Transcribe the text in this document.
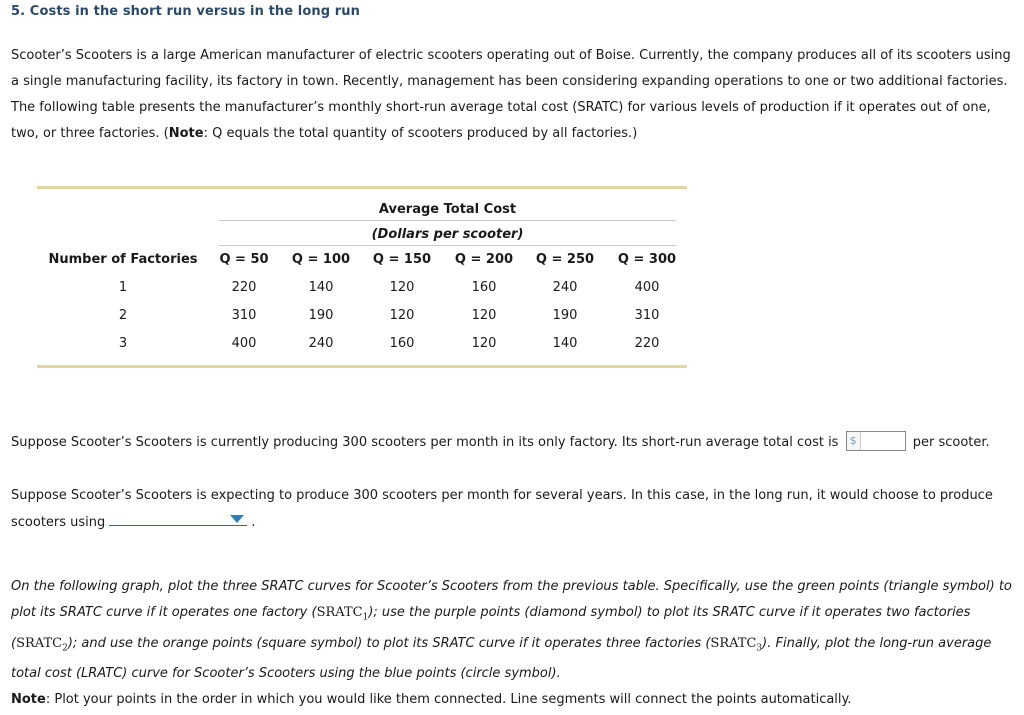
5. Costs in the short run versus in the long run

Scooter’s Scooters is a large American manufacturer of electric scooters operating out of Boise. Currently, the company produces all of its scooters using a single manufacturing facility, its factory in town. Recently, management has been considering expanding operations to one or two additional factories. The following table presents the manufacturer’s monthly short-run average total cost (SRATC) for various levels of production if it operates out of one, two, or three factories. (Note: Q equals the total quantity of scooters produced by all factories.)

Average Total Cost
(Dollars per scooter)
Number of Factories	Q = 50	Q = 100	Q = 150	Q = 200	Q = 250	Q = 300
1	220	140	120	160	240	400
2	310	190	120	120	190	310
3	400	240	160	120	140	220
Suppose Scooter’s Scooters is currently producing 300 scooters per month in its only factory. Its short-run average total cost is $	per scooter.

Suppose Scooter’s Scooters is expecting to produce 300 scooters per month for several years. In this case, in the long run, it would choose to produce scooters using	.

On the following graph, plot the three SRATC curves for Scooter’s Scooters from the previous table. Specifically, use the green points (triangle symbol) to plot its SRATC curve if it operates one factory $(SRATC_1)$; use the purple points (diamond symbol) to plot its SRATC curve if it operates two factories $(SRATC_2)$; and use the orange points (square symbol) to plot its SRATC curve if it operates three factories $(SRATC_3)$. Finally, plot the long-run average total cost (LRATC) curve for Scooter’s Scooters using the blue points (circle symbol).

Note: Plot your points in the order in which you would like them connected. Line segments will connect the points automatically.
